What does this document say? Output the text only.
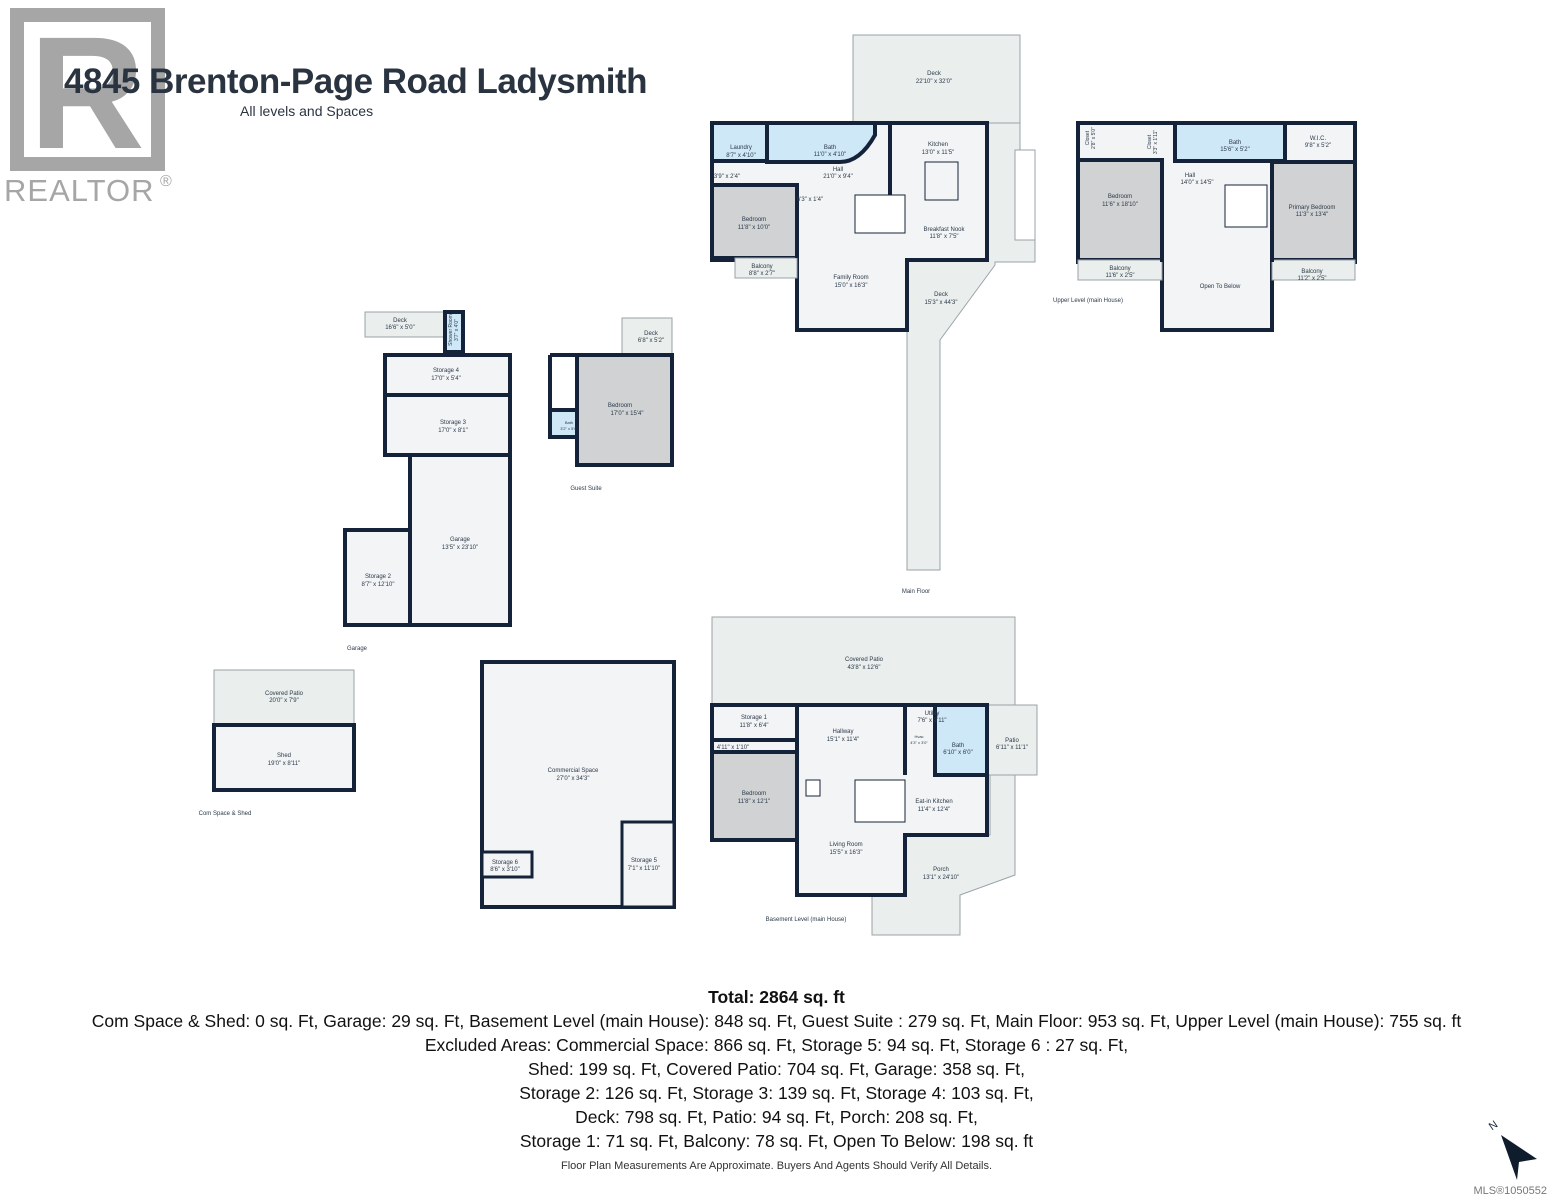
R
REALTOR ®
4845 Brenton-Page Road Ladysmith
All levels and Spaces
Deck
22'10" x 32'0"
Laundry
8'7" x 4'10"
Bath
11'0" x 4'10"
Kitchen
13'0" x 11'5"
Hall
21'0" x 9'4"
3'9" x 2'4"
6'3" x 1'4"
Bedroom
11'8" x 10'0"	Breakfast Nook
11'8" x 7'5"
Balcony
8'8" x 2'7"
Family Room
15'0" x 16'3"
Deck
15'3" x 44'3"
Main Floor
Bath
15'6" x 5'2"
W.I.C.
9'8" x 5'2"
Hall
14'0" x 14'5"
Bedroom
11'6" x 18'10"	Primary Bedroom
11'3" x 13'4"
Balcony
11'6" x 2'5"
Balcony
11'2" x 2'5"
Open To Below
Upper Level (main House)
Deck
16'6" x 5'0"
Storage 4
17'0" x 5'4"
Storage 3
17'0" x 8'1"
Garage
13'5" x 23'10"
Storage 2
8'7" x 12'10"
Garage
Deck
6'8" x 5'2"
Bedroom
17'0" x 15'4"
Bath
3'2" x 5'0"
Guest Suite
Covered Patio
20'0" x 7'9"
Shed
19'0" x 8'11"
Com Space & Shed
Commercial Space
27'0" x 34'3"
Storage 6
8'6" x 3'10"
Storage 5
7'1" x 11'10"
Covered Patio
43'8" x 12'6"
Storage 1
11'8" x 6'4"
Hallway
15'1" x 11'4"
Utility
7'6" x 2'11"
4'11" x 1'10"
Hvac
4'3" x 3'0"
Bath
6'10" x 6'0"
Patio
6'11" x 11'1"
Bedroom
11'8" x 12'1"	Eat-in Kitchen
11'4" x 12'4"
Living Room
15'5" x 16'3"
Porch
13'1" x 24'10"
Basement Level (main House)
Closet 2'8" x 5'0"	Closet 3'3" x 1'11"
Shower Room 3'7" x 4'0"
Total: 2864 sq. ft
Com Space & Shed: 0 sq. Ft, Garage: 29 sq. Ft, Basement Level (main House): 848 sq. Ft, Guest Suite : 279 sq. Ft, Main Floor: 953 sq. Ft, Upper Level (main House): 755 sq. ft
Excluded Areas: Commercial Space: 866 sq. Ft, Storage 5: 94 sq. Ft, Storage 6 : 27 sq. Ft,
Shed: 199 sq. Ft, Covered Patio: 704 sq. Ft, Garage: 358 sq. Ft,
Storage 2: 126 sq. Ft, Storage 3: 139 sq. Ft, Storage 4: 103 sq. Ft,
Deck: 798 sq. Ft, Patio: 94 sq. Ft, Porch: 208 sq. Ft,
Storage 1: 71 sq. Ft, Balcony: 78 sq. Ft, Open To Below: 198 sq. ft
Floor Plan Measurements Are Approximate. Buyers And Agents Should Verify All Details.
N
MLS®1050552
